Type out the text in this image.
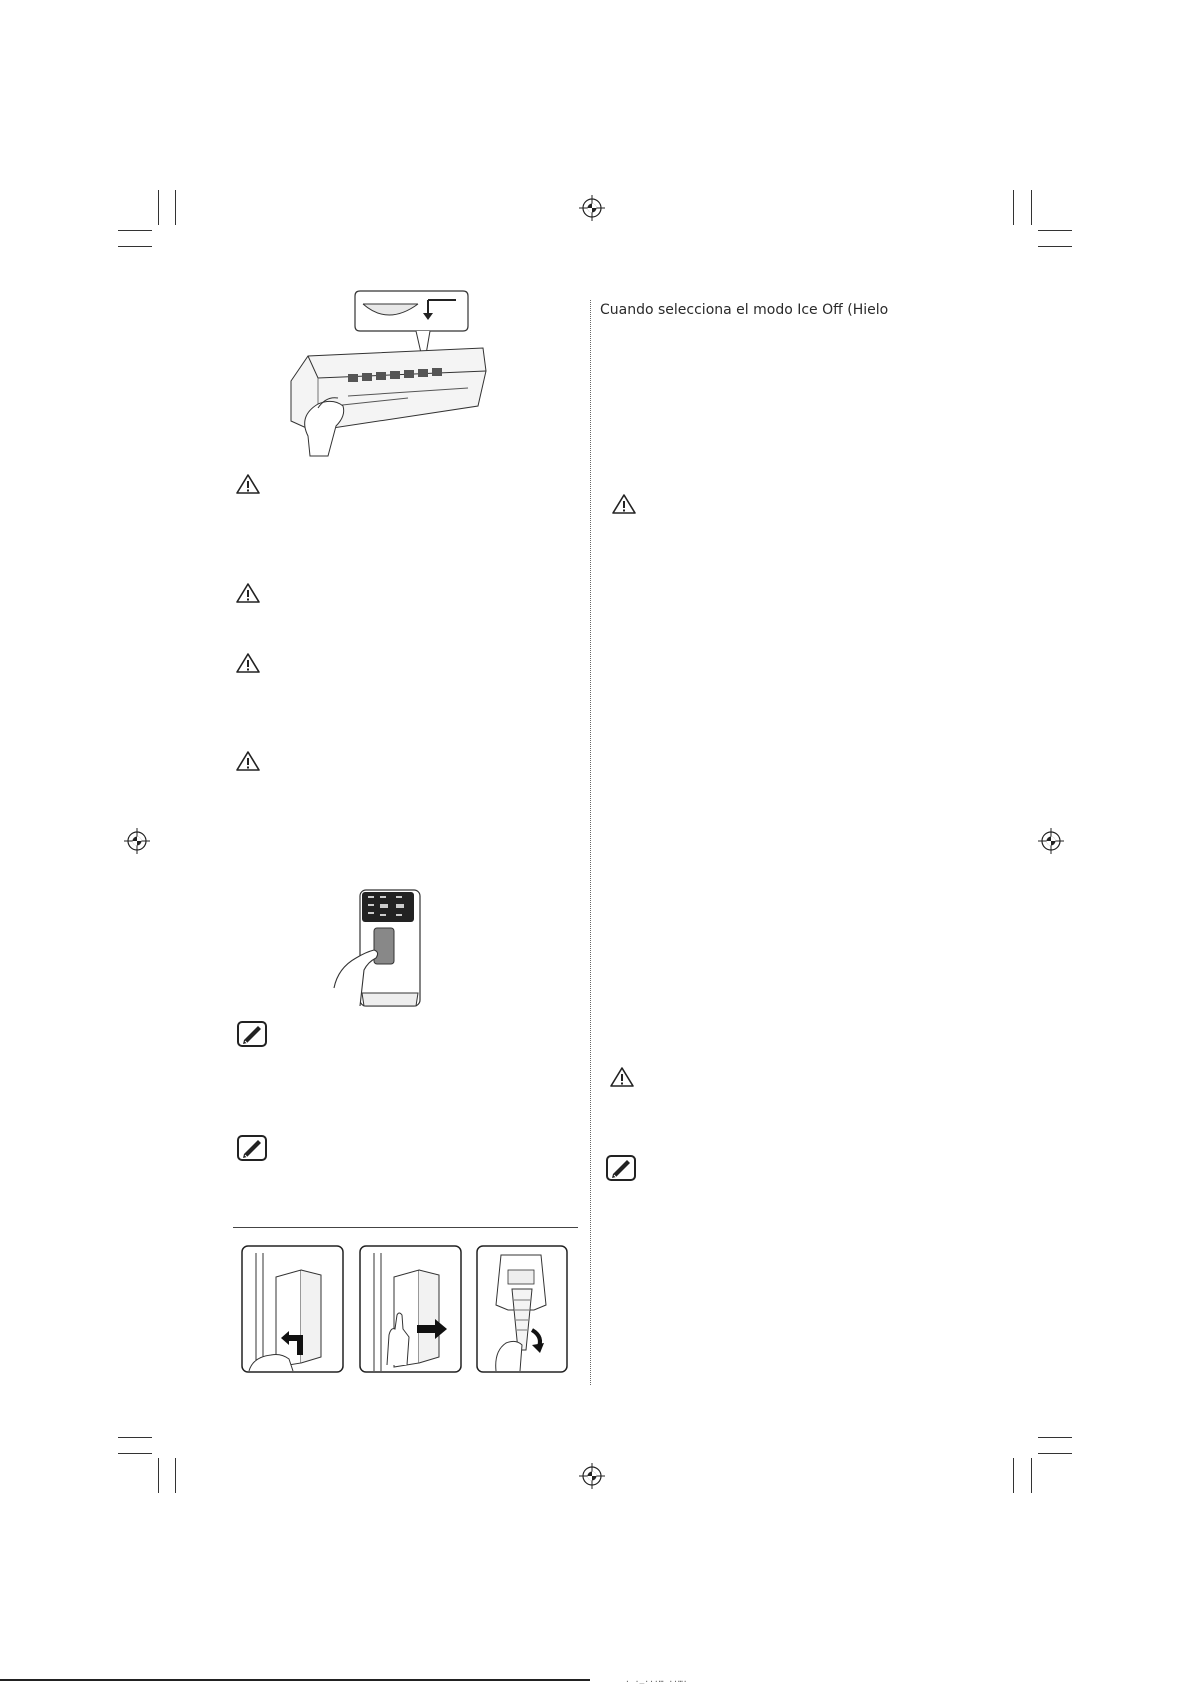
Cuando selecciona el modo Ice Off (Hielo
. ._...… ..….
